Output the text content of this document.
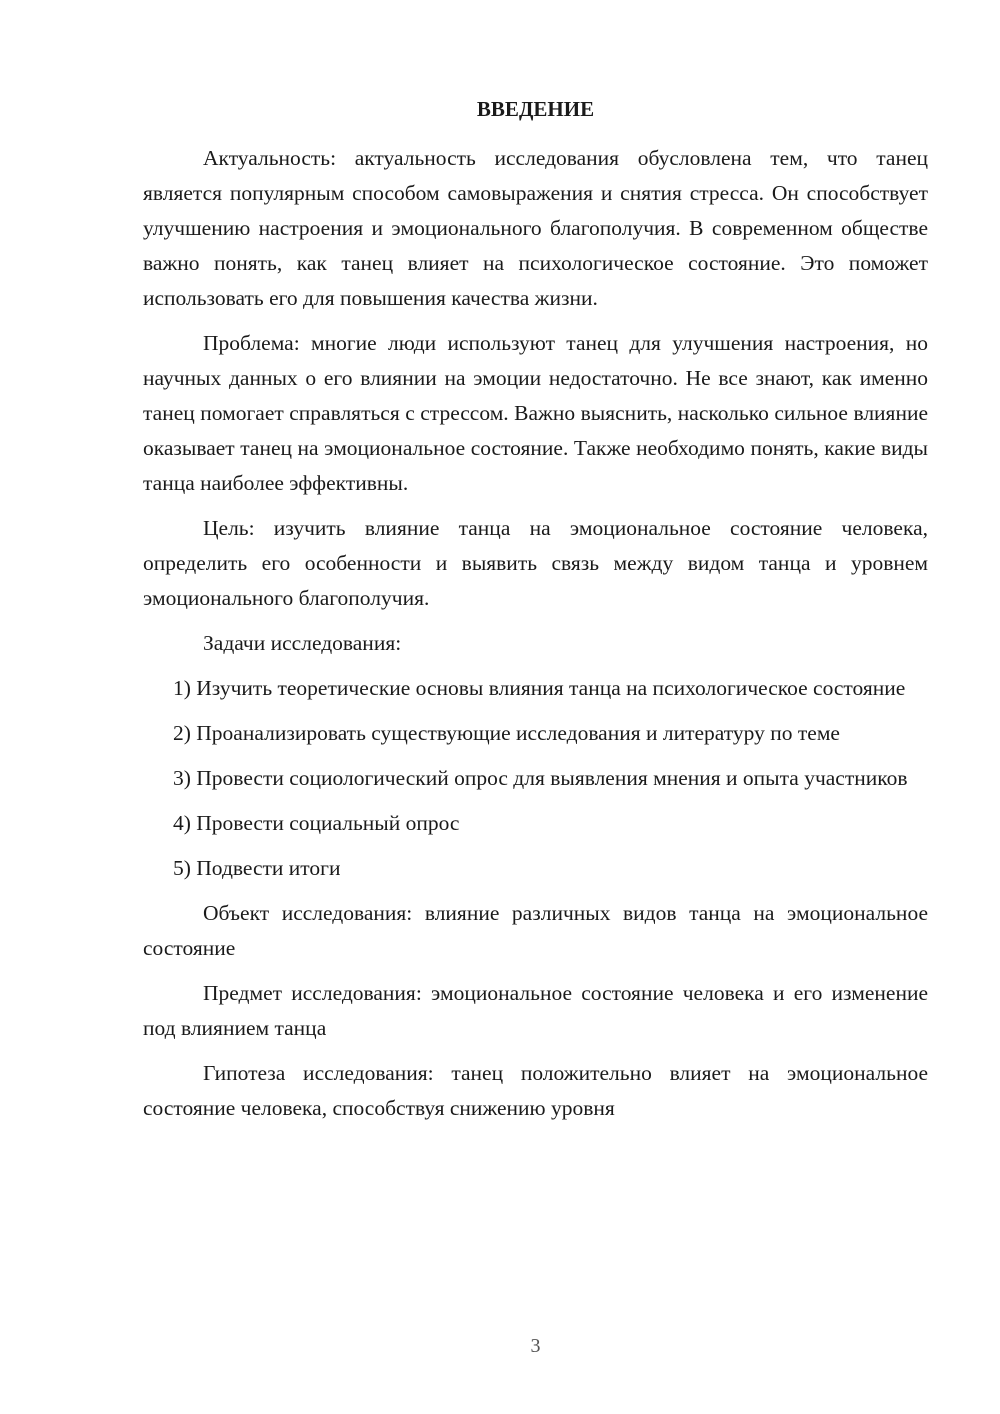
ВВЕДЕНИЕ

Актуальность: актуальность исследования обусловлена тем, что танец является популярным способом самовыражения и снятия стресса. Он способствует улучшению настроения и эмоционального благополучия. В современном обществе важно понять, как танец влияет на психологическое состояние. Это поможет использовать его для повышения качества жизни.

Проблема: многие люди используют танец для улучшения настроения, но научных данных о его влиянии на эмоции недостаточно. Не все знают, как именно танец помогает справляться с стрессом. Важно выяснить, насколько сильное влияние оказывает танец на эмоциональное состояние. Также необходимо понять, какие виды танца наиболее эффективны.

Цель: изучить влияние танца на эмоциональное состояние человека, определить его особенности и выявить связь между видом танца и уровнем эмоционального благополучия.

Задачи исследования:

1) Изучить теоретические основы влияния танца на психологическое состояние

2) Проанализировать существующие исследования и литературу по теме

3) Провести социологический опрос для выявления мнения и опыта участников

4) Провести социальный опрос

5) Подвести итоги

Объект исследования: влияние различных видов танца на эмоциональное состояние

Предмет исследования: эмоциональное состояние человека и его изменение под влиянием танца

Гипотеза исследования: танец положительно влияет на эмоциональное состояние человека, способствуя снижению уровня

3
